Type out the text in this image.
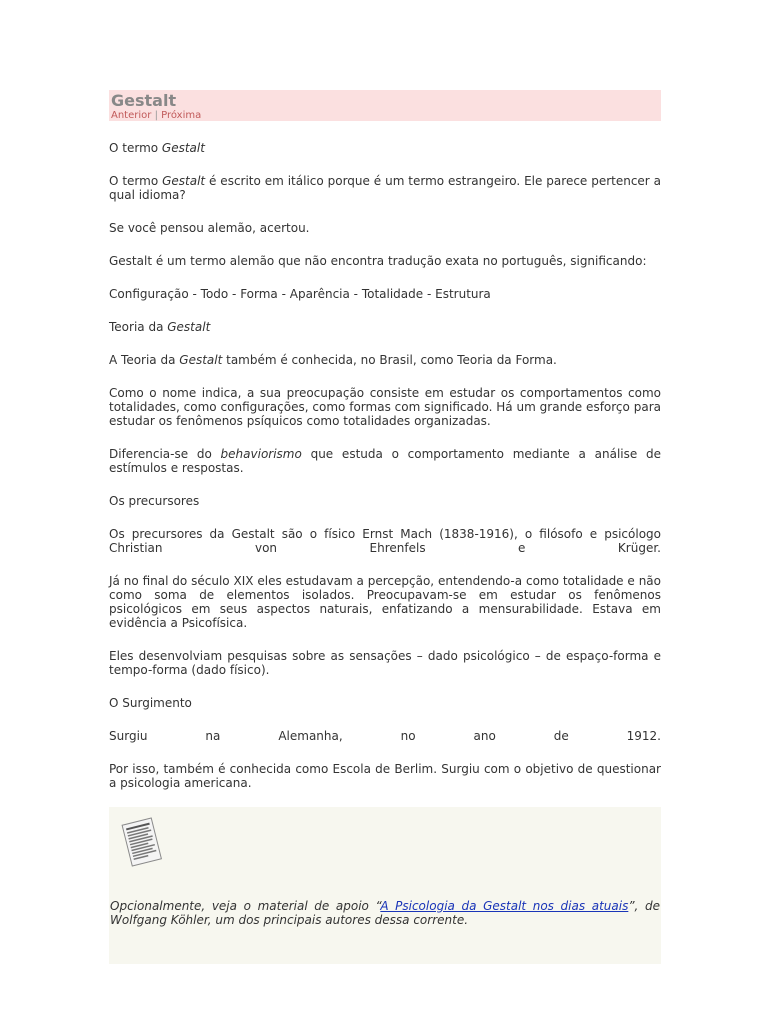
Gestalt
Anterior | Próxima

O termo Gestalt

O termo Gestalt é escrito em itálico porque é um termo estrangeiro. Ele parece pertencer a qual idioma?

Se você pensou alemão, acertou.

Gestalt é um termo alemão que não encontra tradução exata no português, significando:

Configuração - Todo - Forma - Aparência - Totalidade - Estrutura

Teoria da Gestalt

A Teoria da Gestalt também é conhecida, no Brasil, como Teoria da Forma.

Como o nome indica, a sua preocupação consiste em estudar os comportamentos como totalidades, como configurações, como formas com significado. Há um grande esforço para estudar os fenômenos psíquicos como totalidades organizadas.

Diferencia-se do behaviorismo que estuda o comportamento mediante a análise de estímulos e respostas.

Os precursores

Os precursores da Gestalt são o físico Ernst Mach (1838-1916), o filósofo e psicólogo Christian von Ehrenfels e Krüger.

Já no final do século XIX eles estudavam a percepção, entendendo-a como totalidade e não como soma de elementos isolados. Preocupavam-se em estudar os fenômenos psicológicos em seus aspectos naturais, enfatizando a mensurabilidade. Estava em evidência a Psicofísica.

Eles desenvolviam pesquisas sobre as sensações – dado psicológico – de espaço-forma e tempo-forma (dado físico).

O Surgimento

Surgiu na Alemanha, no ano de 1912.

Por isso, também é conhecida como Escola de Berlim. Surgiu com o objetivo de questionar a psicologia americana.

Opcionalmente, veja o material de apoio “A Psicologia da Gestalt nos dias atuais”, de Wolfgang Köhler, um dos principais autores dessa corrente.
